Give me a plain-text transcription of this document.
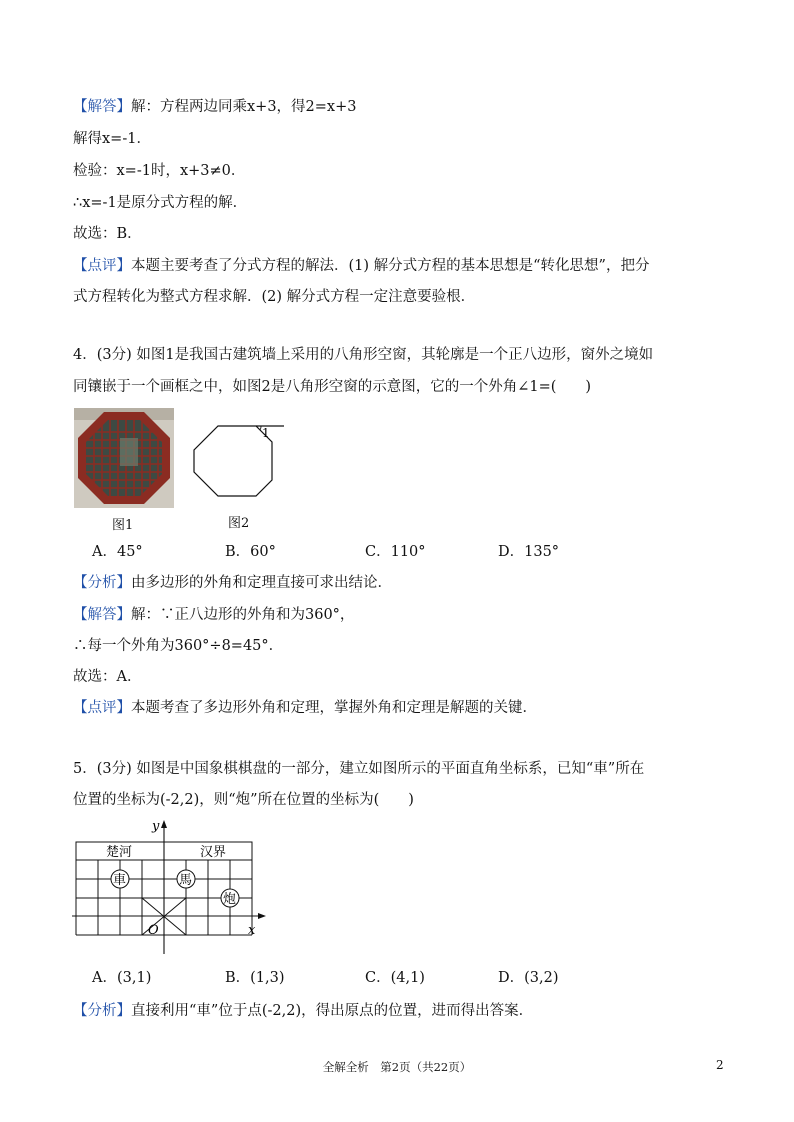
【解答】解：方程两边同乘x+3，得2=x+3
解得x=-1．
检验：x=-1时，x+3≠0．
∴x=-1是原分式方程的解．
故选：B．
【点评】本题主要考查了分式方程的解法．(1) 解分式方程的基本思想是“转化思想”，把分
式方程转化为整式方程求解．(2) 解分式方程一定注意要验根．
4．(3分) 如图1是我国古建筑墙上采用的八角形空窗，其轮廓是一个正八边形，窗外之境如
同镶嵌于一个画框之中，如图2是八角形空窗的示意图，它的一个外角∠1=(　　)
图1
1
图2
A．45°	B．60°	C．110°	D．135°
【分析】由多边形的外角和定理直接可求出结论．
【解答】解：∵正八边形的外角和为360°，
∴每一个外角为360°÷8=45°．
故选：A．
【点评】本题考查了多边形外角和定理，掌握外角和定理是解题的关键．
5．(3分) 如图是中国象棋棋盘的一部分，建立如图所示的平面直角坐标系，已知“車”所在
位置的坐标为(-2,2)，则“炮”所在位置的坐标为(　　)
y
x
O
楚河	汉界
車	馬
炮
A．(3,1)	B．(1,3)	C．(4,1)	D．(3,2)
【分析】直接利用“車”位于点(-2,2)，得出原点的位置，进而得出答案．
全解全析　第2页（共22页）	2
